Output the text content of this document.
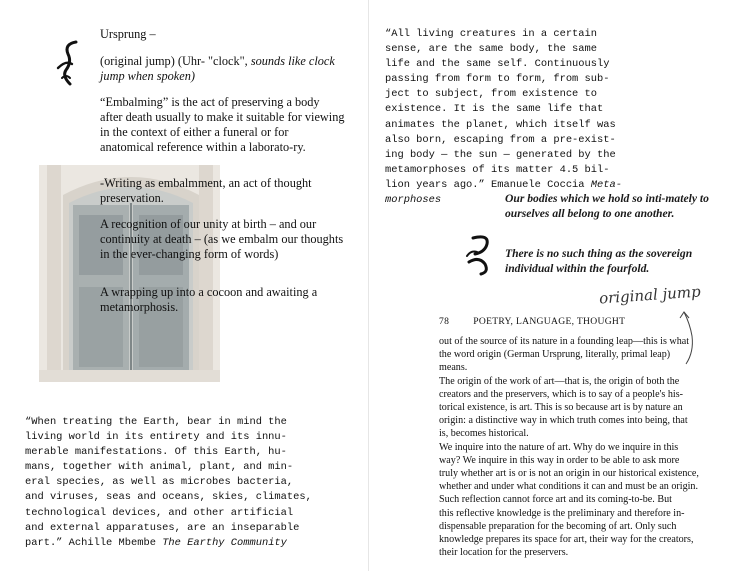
Ursprung –
(original jump) (Uhr- "clock", sounds like clock jump when spoken)
“Embalming” is the act of preserving a body after death usually to make it suitable for viewing in the context of either a funeral or for anatomical reference within a laborato-ry.
-Writing as embalmment, an act of thought preservation.
A recognition of our unity at birth – and our continuity at death – (as we embalm our thoughts in the ever-changing form of words)
A wrapping up into a cocoon and awaiting a metamorphosis.
“When treating the Earth, bear in mind the
living world in its entirety and its innu-
merable manifestations. Of this Earth, hu-
mans, together with animal, plant, and min-
eral species, as well as microbes bacteria,
and viruses, seas and oceans, skies, climates,
technological devices, and other artificial
and external apparatuses, are an inseparable
part.” Achille Mbembe The Earthy Community
“All living creatures in a certain
sense, are the same body, the same
life and the same self. Continuously
passing from form to form, from sub-
ject to subject, from existence to
existence. It is the same life that
animates the planet, which itself was
also born, escaping from a pre-exist-
ing body — the sun — generated by the
metamorphoses of its matter 4.5 bil-
lion years ago.” Emanuele Coccia Meta-
morphoses	Our bodies which we hold so inti-mately to ourselves all belong to one another.
There is no such thing as the sovereign individual within the fourfold.
original jump
78	POETRY, LANGUAGE, THOUGHT
out of the source of its nature in a founding leap—this is what
the word origin (German Ursprung, literally, primal leap)
means.
The origin of the work of art—that is, the origin of both the
creators and the preservers, which is to say of a people's his-
torical existence, is art. This is so because art is by nature an
origin: a distinctive way in which truth comes into being, that
is, becomes historical.
We inquire into the nature of art. Why do we inquire in this
way? We inquire in this way in order to be able to ask more
truly whether art is or is not an origin in our historical existence,
whether and under what conditions it can and must be an origin.
Such reflection cannot force art and its coming-to-be. But
this reflective knowledge is the preliminary and therefore in-
dispensable preparation for the becoming of art. Only such
knowledge prepares its space for art, their way for the creators,
their location for the preservers.
